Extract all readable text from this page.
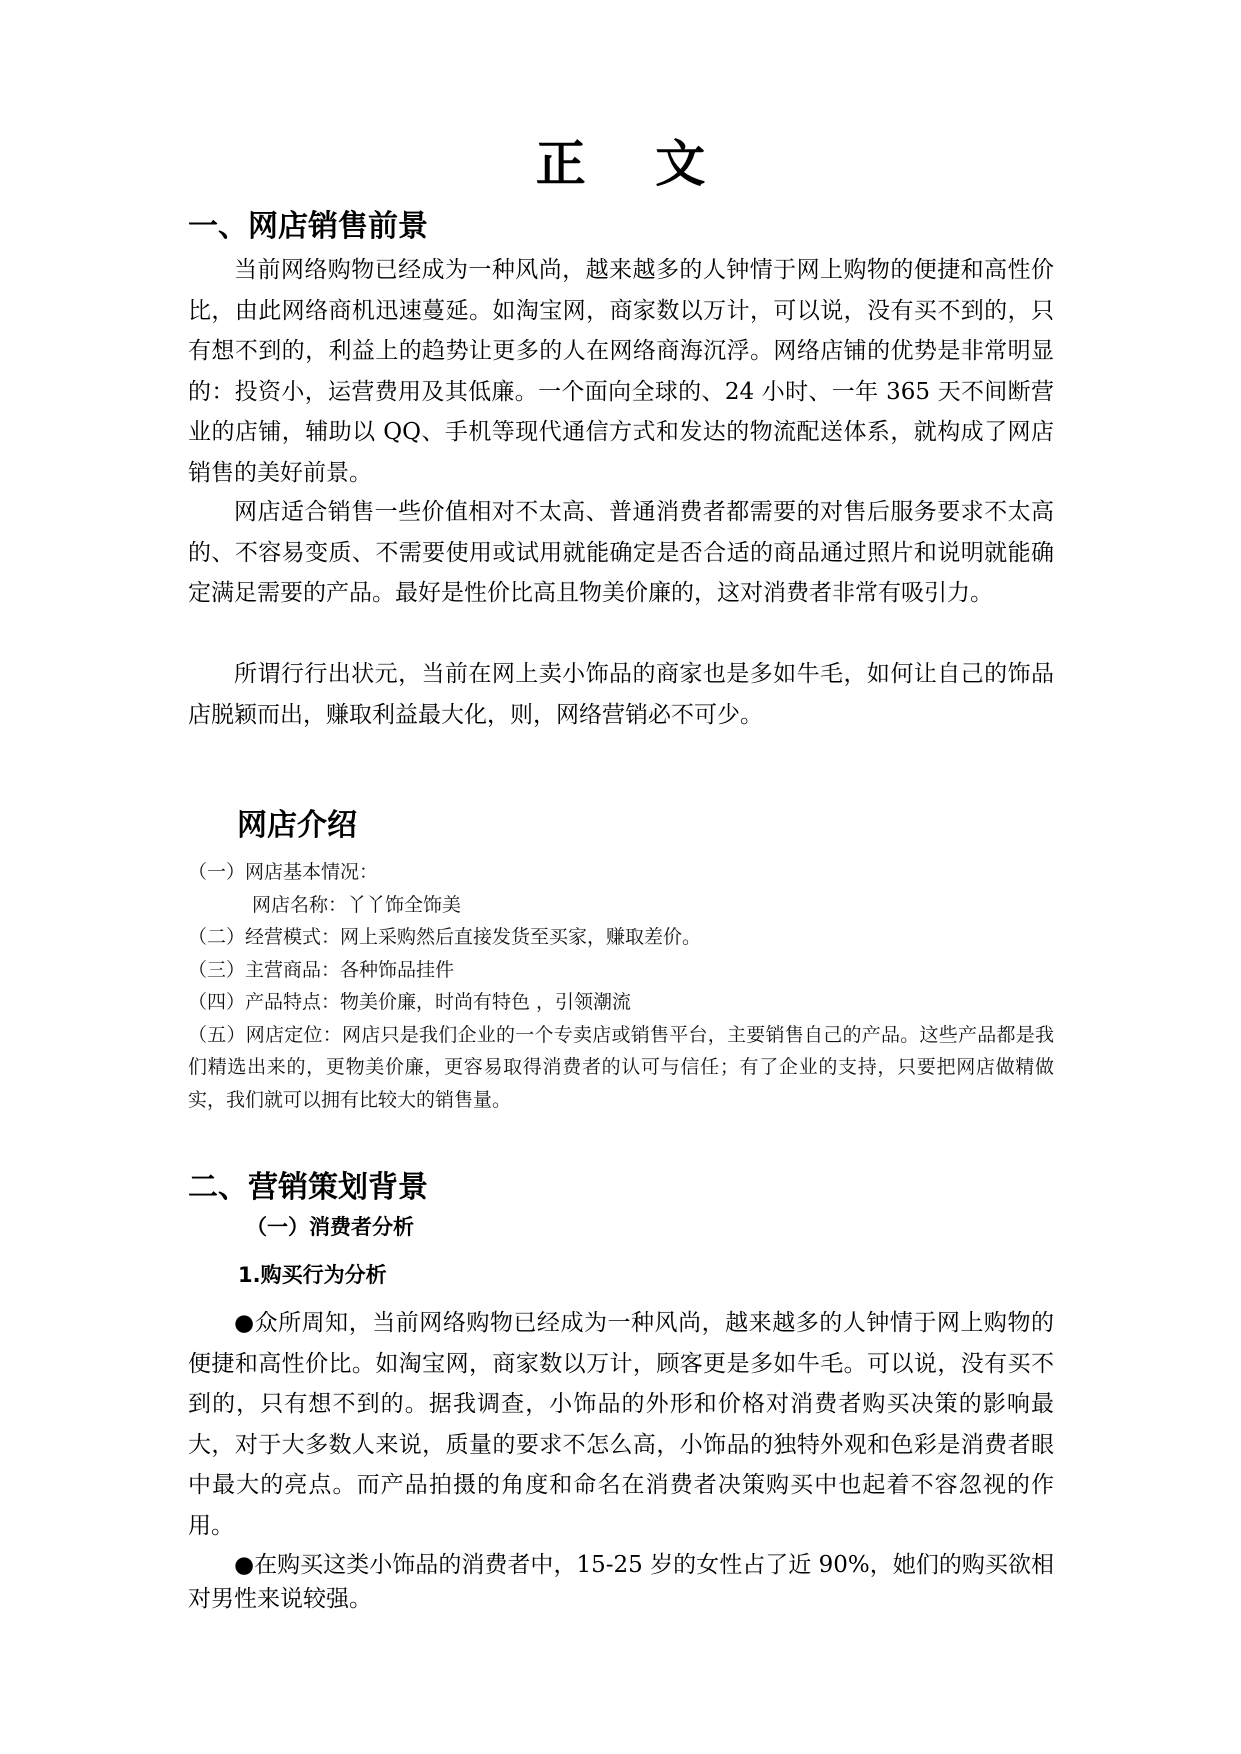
正 文
一、网店销售前景

当前网络购物已经成为一种风尚，越来越多的人钟情于网上购物的便捷和高性价比，由此网络商机迅速蔓延。如淘宝网，商家数以万计，可以说，没有买不到的，只有想不到的，利益上的趋势让更多的人在网络商海沉浮。网络店铺的优势是非常明显的：投资小，运营费用及其低廉。一个面向全球的、24 小时、一年 365 天不间断营业的店铺，辅助以 QQ、手机等现代通信方式和发达的物流配送体系，就构成了网店销售的美好前景。

网店适合销售一些价值相对不太高、普通消费者都需要的对售后服务要求不太高的、不容易变质、不需要使用或试用就能确定是否合适的商品通过照片和说明就能确定满足需要的产品。最好是性价比高且物美价廉的，这对消费者非常有吸引力。

所谓行行出状元，当前在网上卖小饰品的商家也是多如牛毛，如何让自己的饰品店脱颖而出，赚取利益最大化，则，网络营销必不可少。

网店介绍
（一）网店基本情况：
网店名称：丫丫饰全饰美
（二）经营模式：网上采购然后直接发货至买家，赚取差价。
（三）主营商品：各种饰品挂件
（四）产品特点：物美价廉，时尚有特色 ，引领潮流
（五）网店定位：网店只是我们企业的一个专卖店或销售平台，主要销售自己的产品。这些产品都是我们精选出来的，更物美价廉，更容易取得消费者的认可与信任；有了企业的支持，只要把网店做精做实，我们就可以拥有比较大的销售量。
二、营销策划背景
（一）消费者分析
1.购买行为分析

●众所周知，当前网络购物已经成为一种风尚，越来越多的人钟情于网上购物的便捷和高性价比。如淘宝网，商家数以万计，顾客更是多如牛毛。可以说，没有买不到的，只有想不到的。据我调查，小饰品的外形和价格对消费者购买决策的影响最大，对于大多数人来说，质量的要求不怎么高，小饰品的独特外观和色彩是消费者眼中最大的亮点。而产品拍摄的角度和命名在消费者决策购买中也起着不容忽视的作用。

●在购买这类小饰品的消费者中，15-25 岁的女性占了近 90%，她们的购买欲相对男性来说较强。
